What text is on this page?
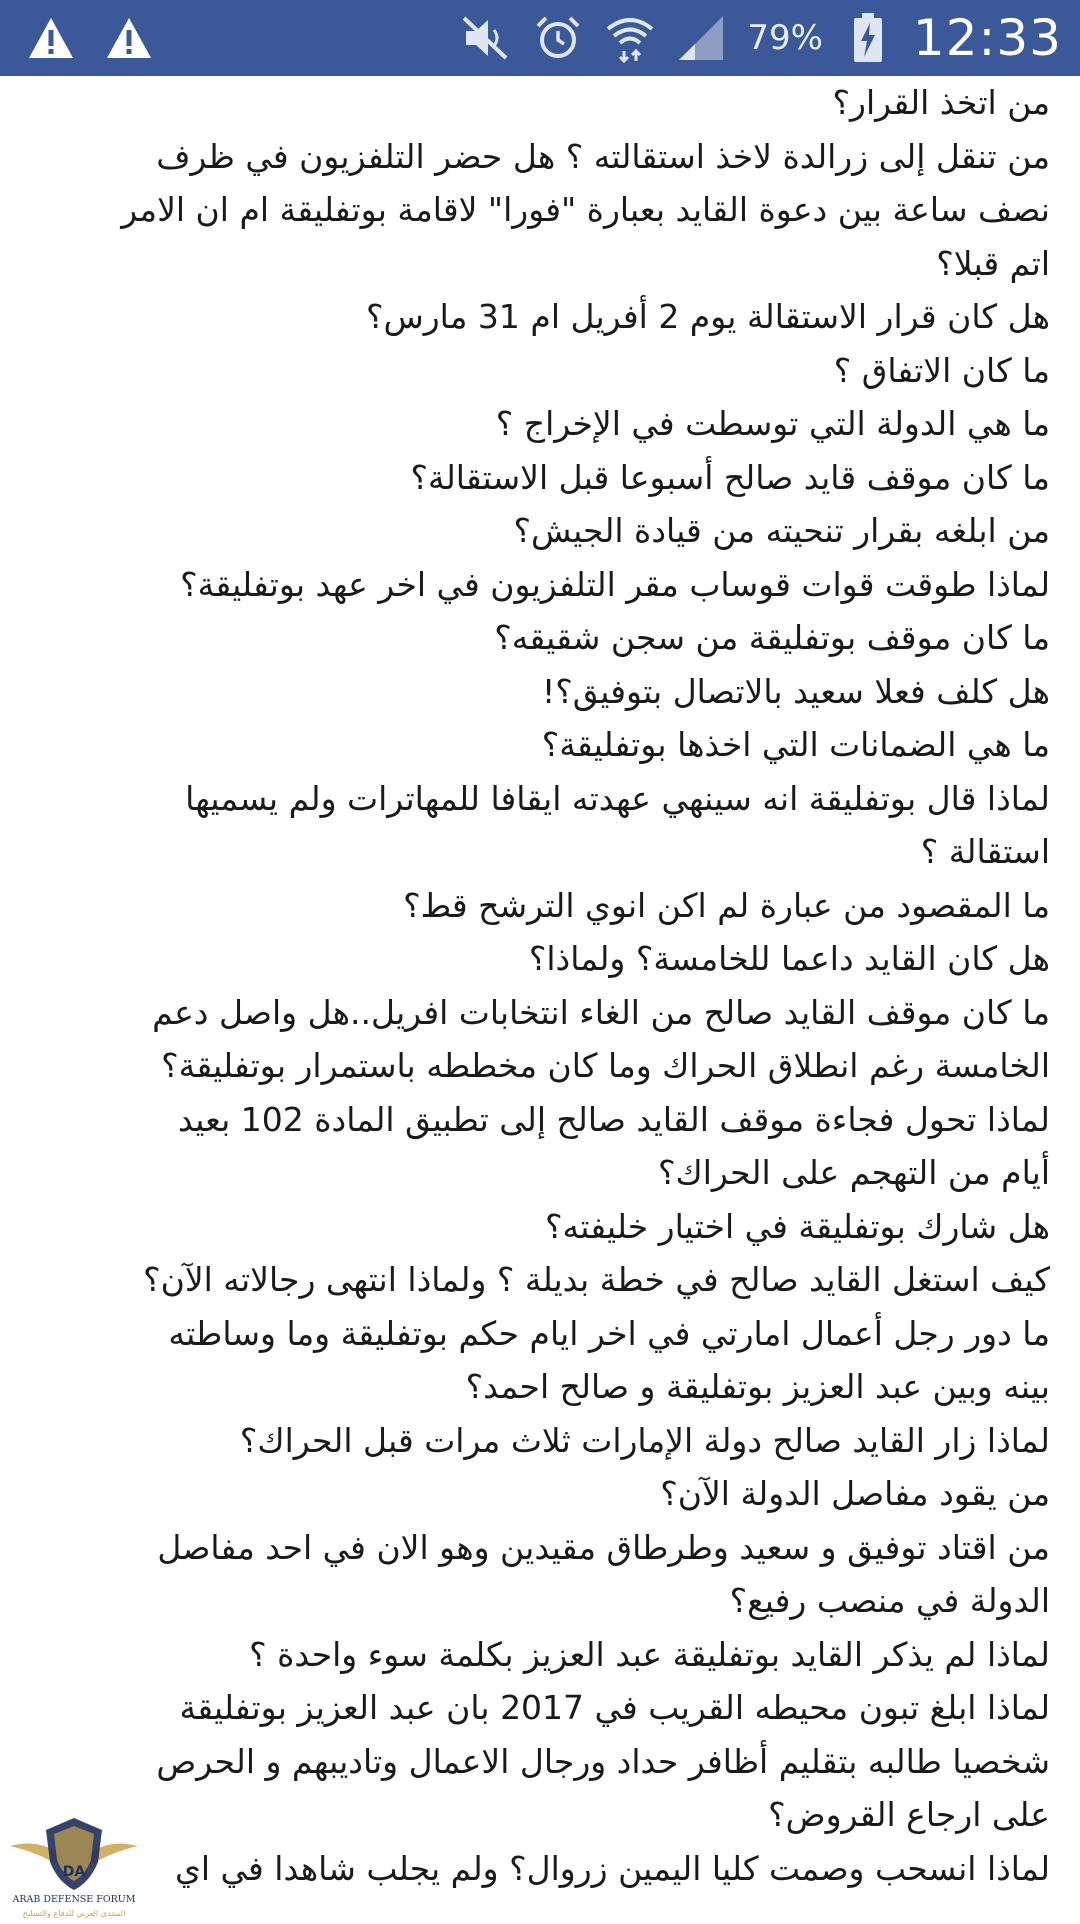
79% 12:33
من اتخذ القرار؟
من تنقل إلى زرالدة لاخذ استقالته ؟ هل حضر التلفزيون في ظرف
نصف ساعة بين دعوة القايد بعبارة "فورا" لاقامة بوتفليقة ام ان الامر
اتم قبلا؟
هل كان قرار الاستقالة يوم 2 أفريل ام 31 مارس؟
ما كان الاتفاق ؟
ما هي الدولة التي توسطت في الإخراج ؟
ما كان موقف قايد صالح أسبوعا قبل الاستقالة؟
من ابلغه بقرار تنحيته من قيادة الجيش؟
لماذا طوقت قوات قوساب مقر التلفزيون في اخر عهد بوتفليقة؟
ما كان موقف بوتفليقة من سجن شقيقه؟
هل كلف فعلا سعيد بالاتصال بتوفيق؟!
ما هي الضمانات التي اخذها بوتفليقة؟
لماذا قال بوتفليقة انه سينهي عهدته ايقافا للمهاترات ولم يسميها
استقالة ؟
ما المقصود من عبارة لم اكن انوي الترشح قط؟
هل كان القايد داعما للخامسة؟ ولماذا؟
ما كان موقف القايد صالح من الغاء انتخابات افريل..هل واصل دعم
الخامسة رغم انطلاق الحراك وما كان مخططه باستمرار بوتفليقة؟
لماذا تحول فجاءة موقف القايد صالح إلى تطبيق المادة 102 بعيد
أيام من التهجم على الحراك؟
هل شارك بوتفليقة في اختيار خليفته؟
كيف استغل القايد صالح في خطة بديلة ؟ ولماذا انتهى رجالاته الآن؟
ما دور رجل أعمال امارتي في اخر ايام حكم بوتفليقة وما وساطته
بينه وبين عبد العزيز بوتفليقة و صالح احمد؟
لماذا زار القايد صالح دولة الإمارات ثلاث مرات قبل الحراك؟
من يقود مفاصل الدولة الآن؟
من اقتاد توفيق و سعيد وطرطاق مقيدين وهو الان في احد مفاصل
الدولة في منصب رفيع؟
لماذا لم يذكر القايد بوتفليقة عبد العزيز بكلمة سوء واحدة ؟
لماذا ابلغ تبون محيطه القريب في 2017 بان عبد العزيز بوتفليقة
شخصيا طالبه بتقليم أظافر حداد ورجال الاعمال وتاديبهم و الحرص
على ارجاع القروض؟
لماذا انسحب وصمت كليا اليمين زروال؟ ولم يجلب شاهدا في اي
DA
ARAB DEFENSE FORUM
المنتدى العربي للدفاع والتسليح
